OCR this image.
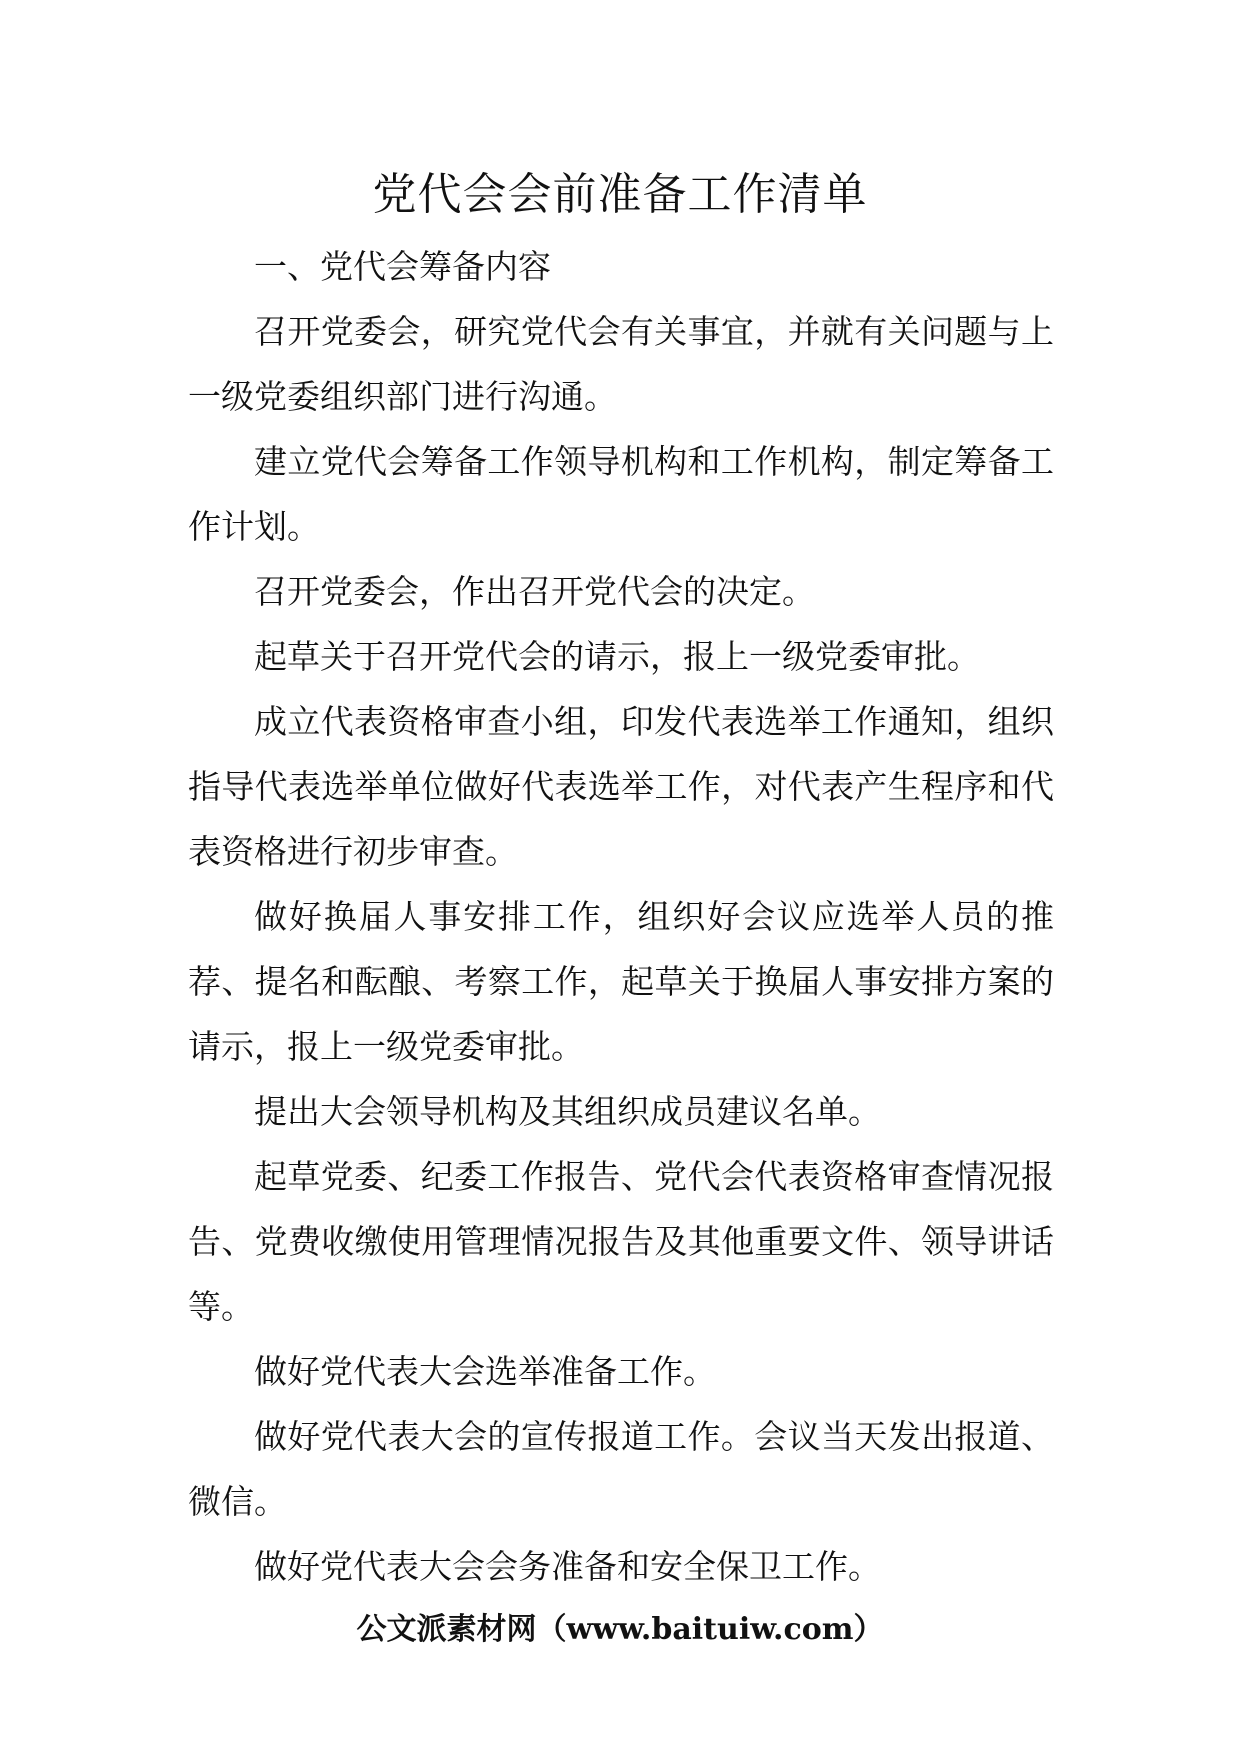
党代会会前准备工作清单

一、党代会筹备内容

召开党委会，研究党代会有关事宜，并就有关问题与上一级党委组织部门进行沟通。

建立党代会筹备工作领导机构和工作机构，制定筹备工作计划。

召开党委会，作出召开党代会的决定。

起草关于召开党代会的请示，报上一级党委审批。

成立代表资格审查小组，印发代表选举工作通知，组织指导代表选举单位做好代表选举工作，对代表产生程序和代表资格进行初步审查。

做好换届人事安排工作，组织好会议应选举人员的推荐、提名和酝酿、考察工作，起草关于换届人事安排方案的请示，报上一级党委审批。

提出大会领导机构及其组织成员建议名单。

起草党委、纪委工作报告、党代会代表资格审查情况报告、党费收缴使用管理情况报告及其他重要文件、领导讲话等。

做好党代表大会选举准备工作。

做好党代表大会的宣传报道工作。会议当天发出报道、微信。

做好党代表大会会务准备和安全保卫工作。

公文派素材网（www.baituiw.com）
